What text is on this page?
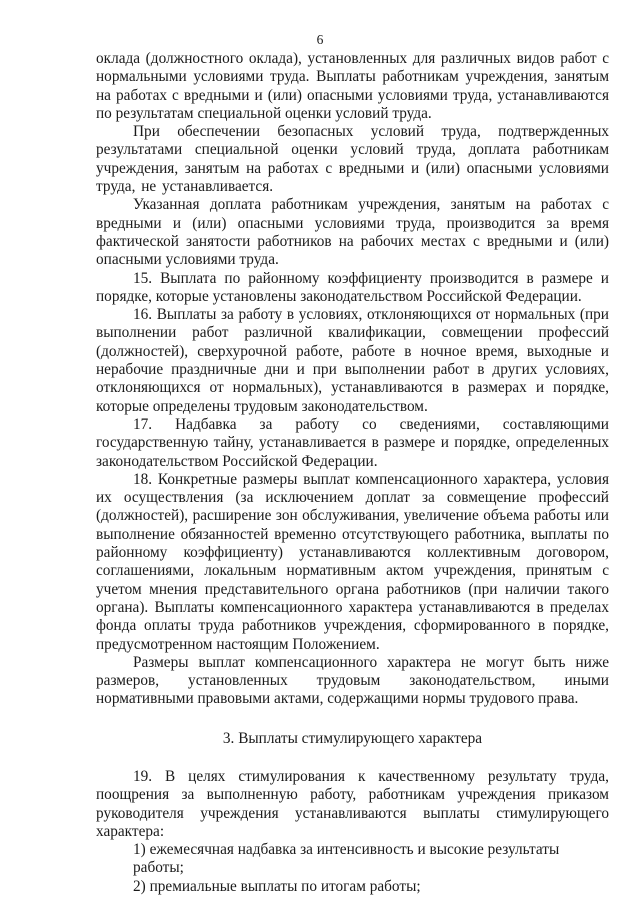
6

оклада (должностного оклада), установленных для различных видов работ с нормальными условиями труда. Выплаты работникам учреждения, занятым на работах с вредными и (или) опасными условиями труда, устанавливаются по результатам специальной оценки условий труда.

При обеспечении безопасных условий труда, подтвержденных результатами специальной оценки условий труда, доплата работникам учреждения, занятым на работах с вредными и (или) опасными условиями труда, не устанавливается.

Указанная доплата работникам учреждения, занятым на работах с вредными и (или) опасными условиями труда, производится за время фактической занятости работников на рабочих местах с вредными и (или) опасными условиями труда.

15. Выплата по районному коэффициенту производится в размере и порядке, которые установлены законодательством Российской Федерации.

16. Выплаты за работу в условиях, отклоняющихся от нормальных (при выполнении работ различной квалификации, совмещении профессий (должностей), сверхурочной работе, работе в ночное время, выходные и нерабочие праздничные дни и при выполнении работ в других условиях, отклоняющихся от нормальных), устанавливаются в размерах и порядке, которые определены трудовым законодательством.

17. Надбавка за работу со сведениями, составляющими государственную тайну, устанавливается в размере и порядке, определенных законодательством Российской Федерации.

18. Конкретные размеры выплат компенсационного характера, условия их осуществления (за исключением доплат за совмещение профессий (должностей), расширение зон обслуживания, увеличение объема работы или выполнение обязанностей временно отсутствующего работника, выплаты по районному коэффициенту) устанавливаются коллективным договором, соглашениями, локальным нормативным актом учреждения, принятым с учетом мнения представительного органа работников (при наличии такого органа). Выплаты компенсационного характера устанавливаются в пределах фонда оплаты труда работников учреждения, сформированного в порядке, предусмотренном настоящим Положением.

Размеры выплат компенсационного характера не могут быть ниже размеров, установленных трудовым законодательством, иными нормативными правовыми актами, содержащими нормы трудового права.

3. Выплаты стимулирующего характера

19. В целях стимулирования к качественному результату труда, поощрения за выполненную работу, работникам учреждения приказом руководителя учреждения устанавливаются выплаты стимулирующего характера:

1) ежемесячная надбавка за интенсивность и высокие результаты работы;

2) премиальные выплаты по итогам работы;
